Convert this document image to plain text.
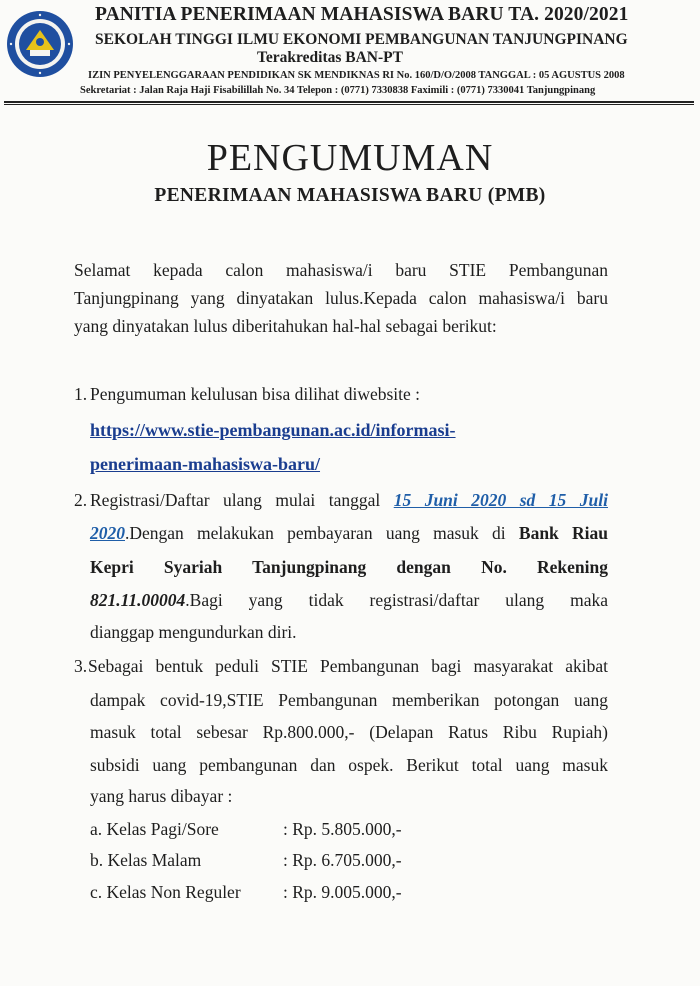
PANITIA PENERIMAAN MAHASISWA BARU TA. 2020/2021
SEKOLAH TINGGI ILMU EKONOMI PEMBANGUNAN TANJUNGPINANG
Terakreditas BAN-PT
IZIN PENYELENGGARAAN PENDIDIKAN SK MENDIKNAS RI No. 160/D/O/2008 TANGGAL : 05 AGUSTUS 2008
Sekretariat : Jalan Raja Haji Fisabilillah No. 34 Telepon : (0771) 7330838 Faximili : (0771) 7330041 Tanjungpinang
PENGUMUMAN
PENERIMAAN MAHASISWA BARU (PMB)
Selamat kepada calon mahasiswa/i baru STIE Pembangunan
Tanjungpinang yang dinyatakan lulus.Kepada calon mahasiswa/i baru
yang dinyatakan lulus diberitahukan hal-hal sebagai berikut:
1. Pengumuman kelulusan bisa dilihat diwebsite :
https://www.stie-pembangunan.ac.id/informasi-
penerimaan-mahasiswa-baru/
2. Registrasi/Daftar ulang mulai tanggal 15 Juni 2020 sd 15 Juli
2020.Dengan melakukan pembayaran uang masuk di Bank Riau
Kepri Syariah Tanjungpinang dengan No. Rekening
821.11.00004.Bagi yang tidak registrasi/daftar ulang maka
dianggap mengundurkan diri.
3. Sebagai bentuk peduli STIE Pembangunan bagi masyarakat akibat
dampak covid-19,STIE Pembangunan memberikan potongan uang
masuk total sebesar Rp.800.000,- (Delapan Ratus Ribu Rupiah)
subsidi uang pembangunan dan ospek. Berikut total uang masuk
yang harus dibayar :
a. Kelas Pagi/Sore	: Rp. 5.805.000,-
b. Kelas Malam	: Rp. 6.705.000,-
c. Kelas Non Reguler : Rp. 9.005.000,-
